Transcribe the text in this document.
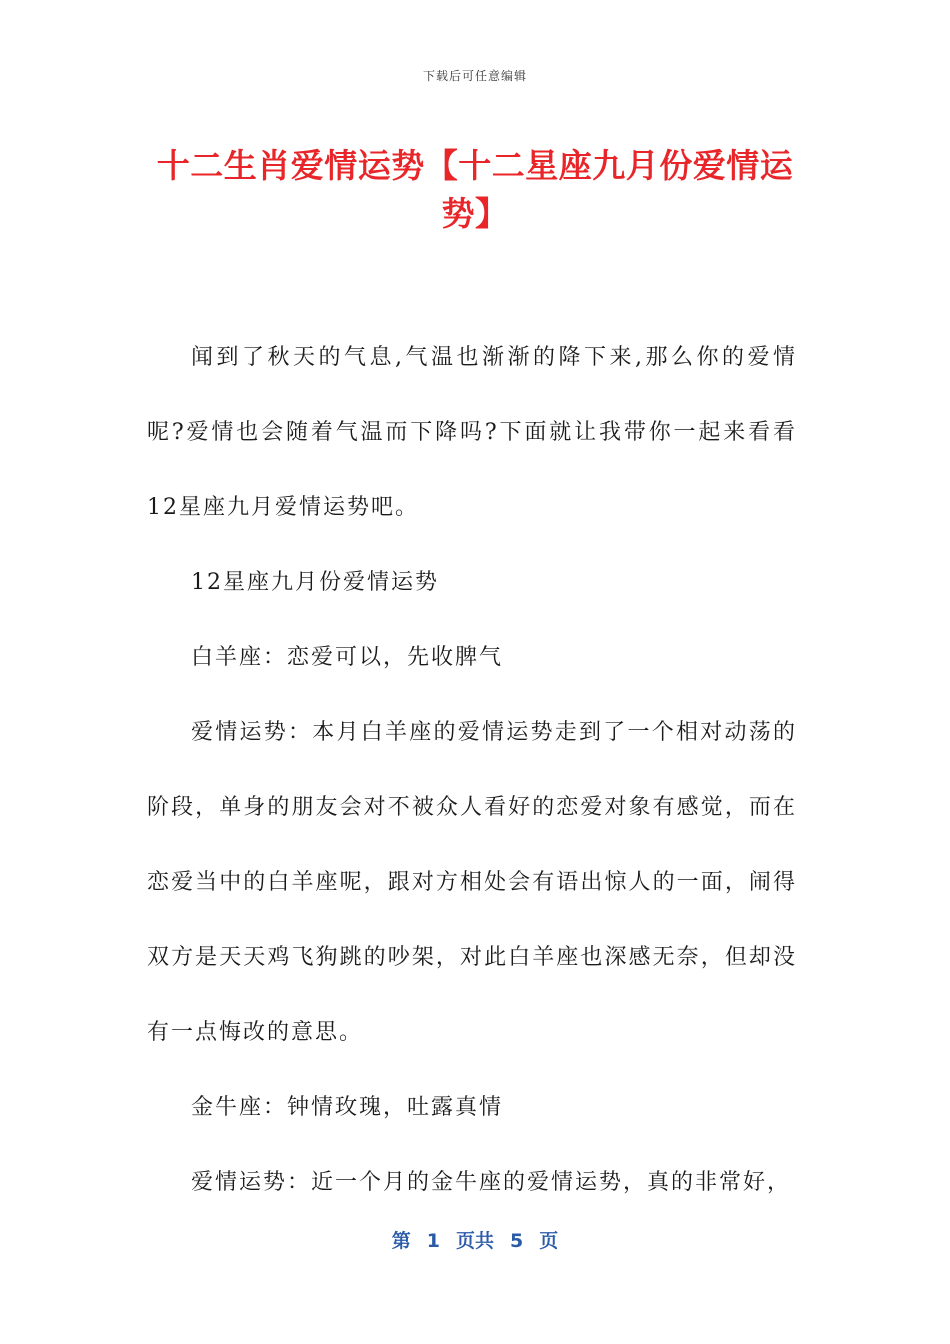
下载后可任意编辑
十二生肖爱情运势【十二星座九月份爱情运势】

闻到了秋天的气息,气温也渐渐的降下来,那么你的爱情呢?爱情也会随着气温而下降吗?下面就让我带你一起来看看12星座九月爱情运势吧。

12星座九月份爱情运势

白羊座：恋爱可以，先收脾气

爱情运势：本月白羊座的爱情运势走到了一个相对动荡的阶段，单身的朋友会对不被众人看好的恋爱对象有感觉，而在恋爱当中的白羊座呢，跟对方相处会有语出惊人的一面，闹得双方是天天鸡飞狗跳的吵架，对此白羊座也深感无奈，但却没有一点悔改的意思。

金牛座：钟情玫瑰，吐露真情

爱情运势：近一个月的金牛座的爱情运势，真的非常好，

第 1 页共 5 页
